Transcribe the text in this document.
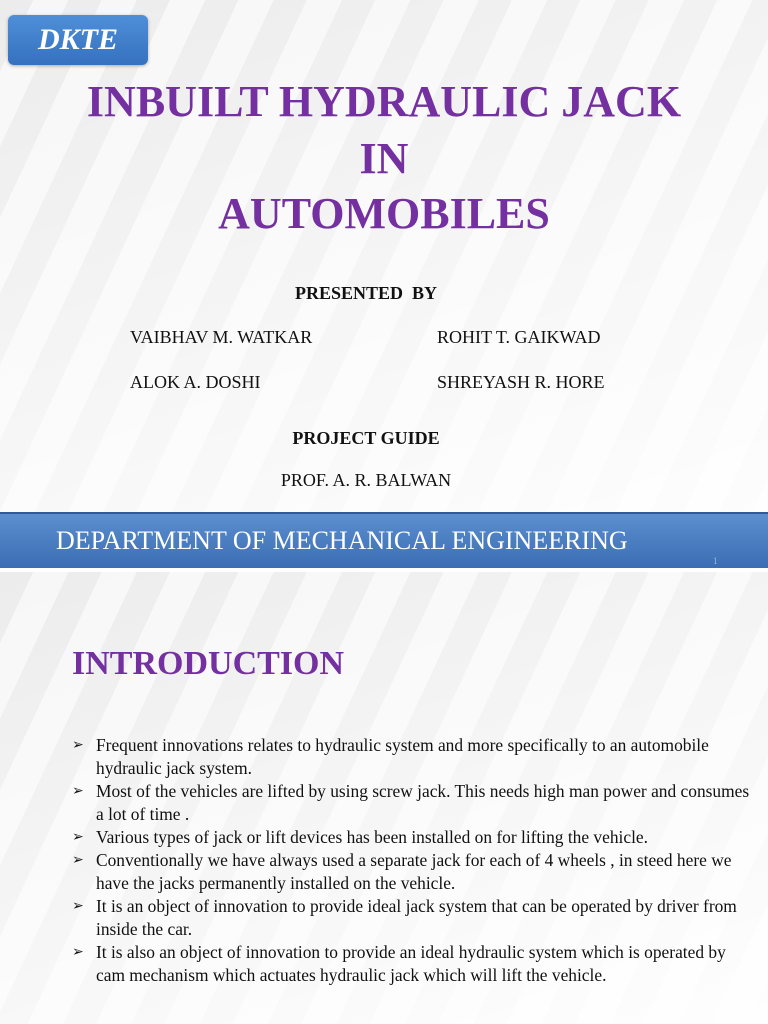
DKTE
INBUILT HYDRAULIC JACK
IN
AUTOMOBILES
PRESENTED  BY
VAIBHAV M. WATKAR	ROHIT T. GAIKWAD
ALOK A. DOSHI	SHREYASH R. HORE
PROJECT GUIDE
PROF. A. R. BALWAN
DEPARTMENT OF MECHANICAL ENGINEERING
1
INTRODUCTION
➢ Frequent innovations relates to hydraulic system and more specifically to an automobile hydraulic jack system.
➢ Most of the vehicles are lifted by using screw jack. This needs high man power and consumes a lot of time .
➢ Various types of jack or lift devices has been installed on for lifting the vehicle.
➢ Conventionally we have always used a separate jack for each of 4 wheels , in steed here we have the jacks permanently installed on the vehicle.
➢ It is an object of innovation to provide ideal jack system that can be operated by driver from inside the car.
➢ It is also an object of innovation to provide an ideal hydraulic system which is operated by cam mechanism which actuates hydraulic jack which will lift the vehicle.
